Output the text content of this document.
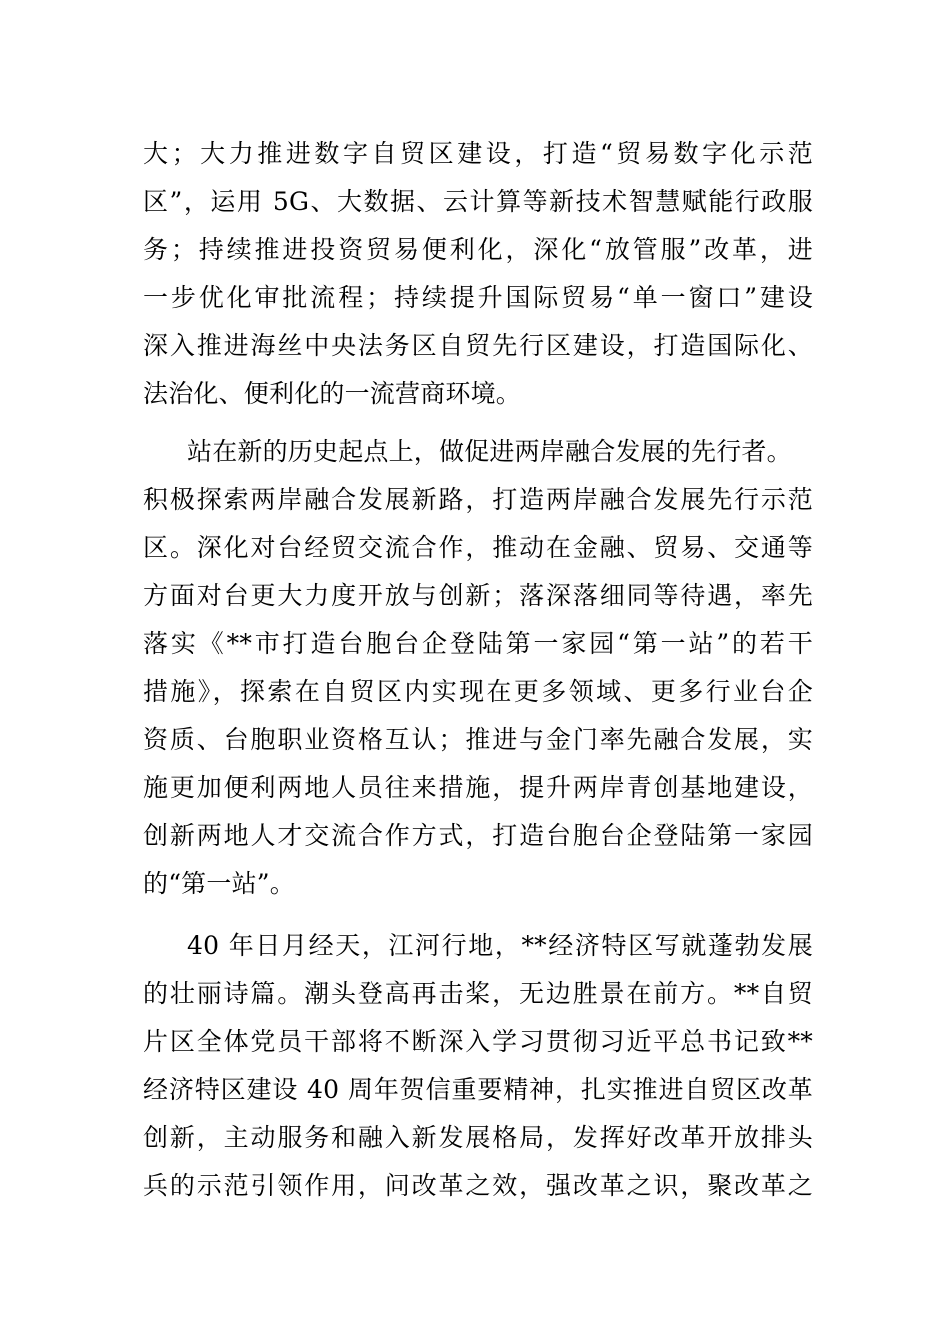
大；大力推进数字自贸区建设，打造“贸易数字化示范
区”，运用 5G、大数据、云计算等新技术智慧赋能行政服
务；持续推进投资贸易便利化，深化“放管服”改革，进
一步优化审批流程；持续提升国际贸易“单一窗口”建设
深入推进海丝中央法务区自贸先行区建设，打造国际化、
法治化、便利化的一流营商环境。
站在新的历史起点上，做促进两岸融合发展的先行者。
积极探索两岸融合发展新路，打造两岸融合发展先行示范
区。深化对台经贸交流合作，推动在金融、贸易、交通等
方面对台更大力度开放与创新；落深落细同等待遇，率先
落实《**市打造台胞台企登陆第一家园“第一站”的若干
措施》，探索在自贸区内实现在更多领域、更多行业台企
资质、台胞职业资格互认；推进与金门率先融合发展，实
施更加便利两地人员往来措施，提升两岸青创基地建设，
创新两地人才交流合作方式，打造台胞台企登陆第一家园
的“第一站”。
40 年日月经天，江河行地，**经济特区写就蓬勃发展
的壮丽诗篇。潮头登高再击桨，无边胜景在前方。**自贸
片区全体党员干部将不断深入学习贯彻习近平总书记致**
经济特区建设 40 周年贺信重要精神，扎实推进自贸区改革
创新，主动服务和融入新发展格局，发挥好改革开放排头
兵的示范引领作用，问改革之效，强改革之识，聚改革之
